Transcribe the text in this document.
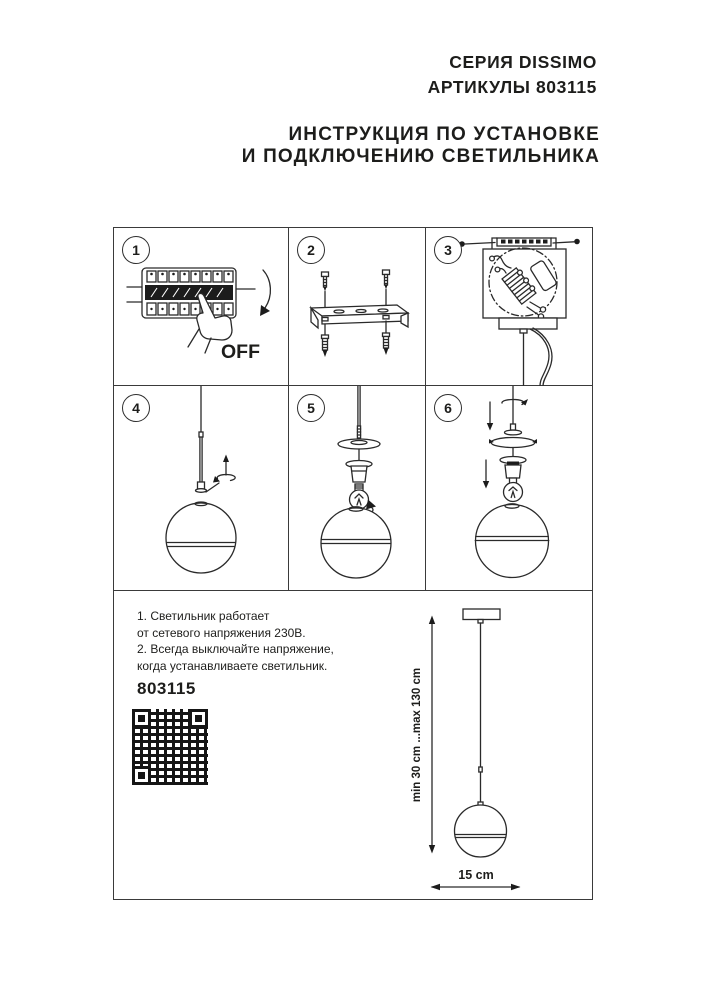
СЕРИЯ DISSIMO
АРТИКУЛЫ 803115
ИНСТРУКЦИЯ ПО УСТАНОВКЕ
И ПОДКЛЮЧЕНИЮ СВЕТИЛЬНИКА
1
OFF
2	3
4	5	6
min 30 cm ...max 130 cm
15 cm
1. Светильник работает
от сетевого напряжения 230В.
2. Всегда выключайте напряжение,
когда устанавливаете светильник.
803115
